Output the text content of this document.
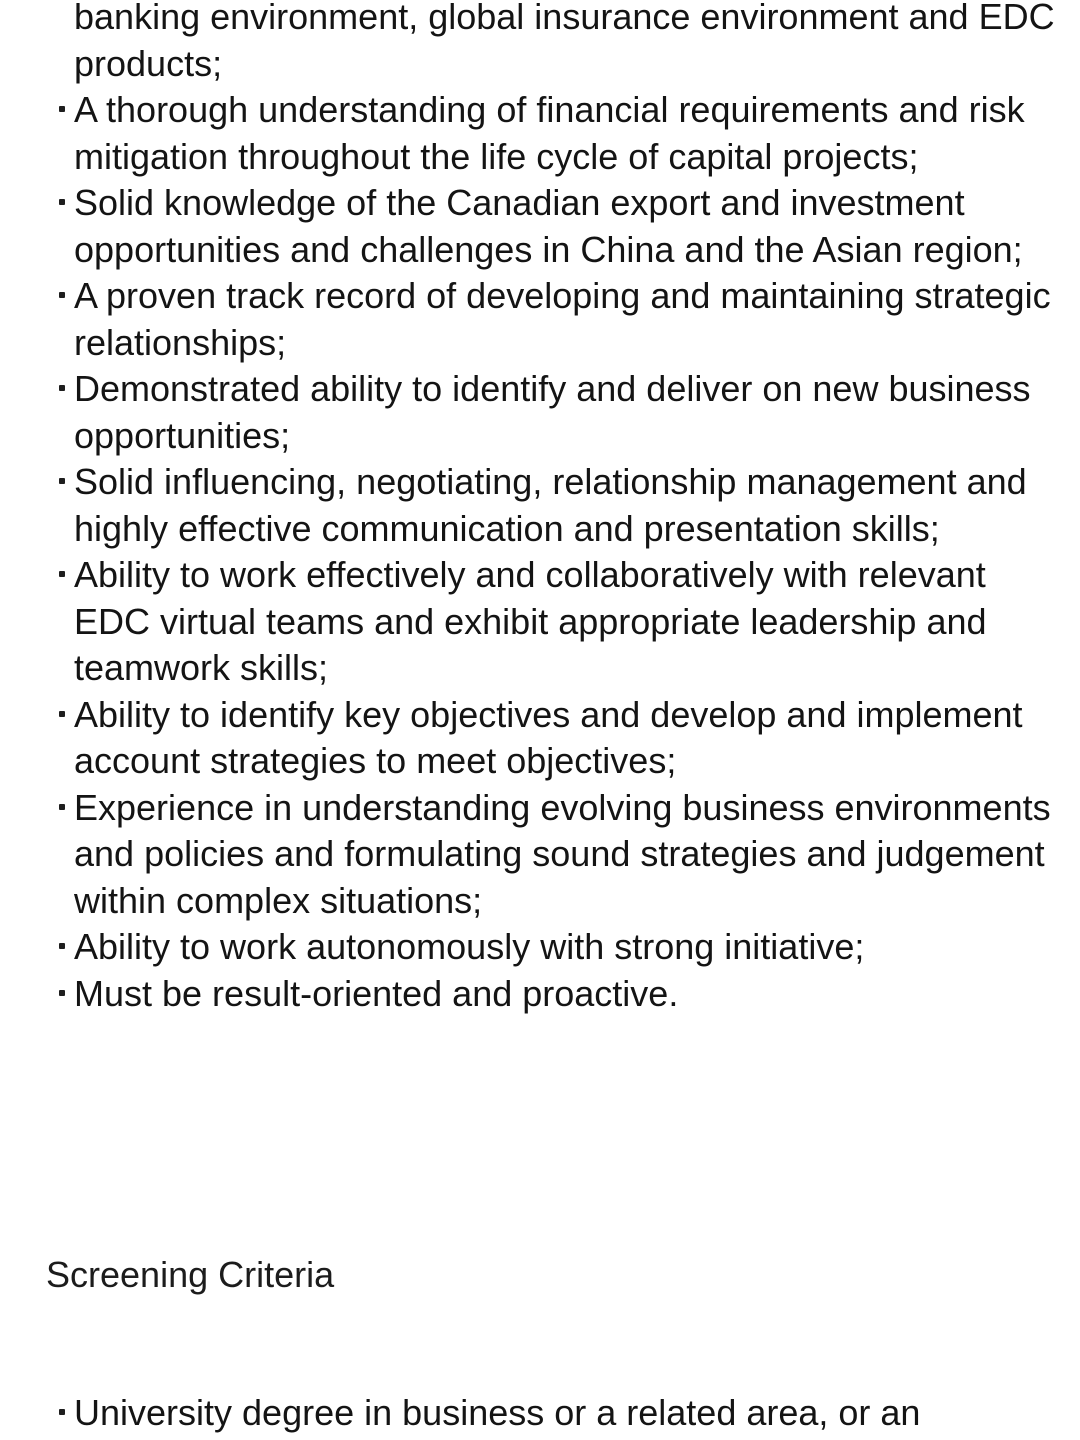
banking environment, global insurance environment and EDC products;
A thorough understanding of financial requirements and risk mitigation throughout the life cycle of capital projects;
Solid knowledge of the Canadian export and investment opportunities and challenges in China and the Asian region;
A proven track record of developing and maintaining strategic relationships;
Demonstrated ability to identify and deliver on new business opportunities;
Solid influencing, negotiating, relationship management and highly effective communication and presentation skills;
Ability to work effectively and collaboratively with relevant EDC virtual teams and exhibit appropriate leadership and teamwork skills;
Ability to identify key objectives and develop and implement account strategies to meet objectives;
Experience in understanding evolving business environments and policies and formulating sound strategies and judgement within complex situations;
Ability to work autonomously with strong initiative;
Must be result-oriented and proactive.
Screening Criteria
University degree in business or a related area, or an
